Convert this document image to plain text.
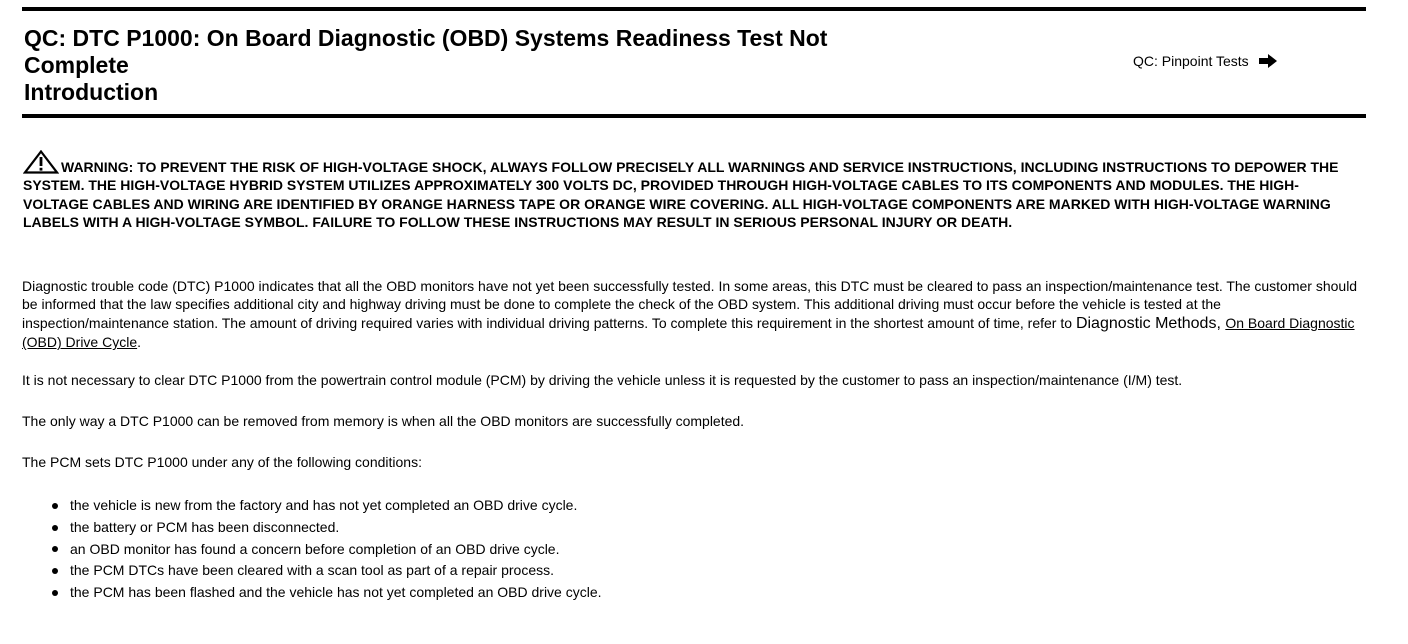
QC: DTC P1000: On Board Diagnostic (OBD) Systems Readiness Test Not
Complete
Introduction
QC: Pinpoint Tests
WARNING: TO PREVENT THE RISK OF HIGH-VOLTAGE SHOCK, ALWAYS FOLLOW PRECISELY ALL WARNINGS AND SERVICE INSTRUCTIONS, INCLUDING INSTRUCTIONS TO DEPOWER THE SYSTEM. THE HIGH-VOLTAGE HYBRID SYSTEM UTILIZES APPROXIMATELY 300 VOLTS DC, PROVIDED THROUGH HIGH-VOLTAGE CABLES TO ITS COMPONENTS AND MODULES. THE HIGH-VOLTAGE CABLES AND WIRING ARE IDENTIFIED BY ORANGE HARNESS TAPE OR ORANGE WIRE COVERING. ALL HIGH-VOLTAGE COMPONENTS ARE MARKED WITH HIGH-VOLTAGE WARNING LABELS WITH A HIGH-VOLTAGE SYMBOL. FAILURE TO FOLLOW THESE INSTRUCTIONS MAY RESULT IN SERIOUS PERSONAL INJURY OR DEATH.
Diagnostic trouble code (DTC) P1000 indicates that all the OBD monitors have not yet been successfully tested. In some areas, this DTC must be cleared to pass an inspection/maintenance test. The customer should be informed that the law specifies additional city and highway driving must be done to complete the check of the OBD system. This additional driving must occur before the vehicle is tested at the inspection/maintenance station. The amount of driving required varies with individual driving patterns. To complete this requirement in the shortest amount of time, refer to Diagnostic Methods, On Board Diagnostic (OBD) Drive Cycle.
It is not necessary to clear DTC P1000 from the powertrain control module (PCM) by driving the vehicle unless it is requested by the customer to pass an inspection/maintenance (I/M) test.
The only way a DTC P1000 can be removed from memory is when all the OBD monitors are successfully completed.
The PCM sets DTC P1000 under any of the following conditions:
the vehicle is new from the factory and has not yet completed an OBD drive cycle.
the battery or PCM has been disconnected.
an OBD monitor has found a concern before completion of an OBD drive cycle.
the PCM DTCs have been cleared with a scan tool as part of a repair process.
the PCM has been flashed and the vehicle has not yet completed an OBD drive cycle.
